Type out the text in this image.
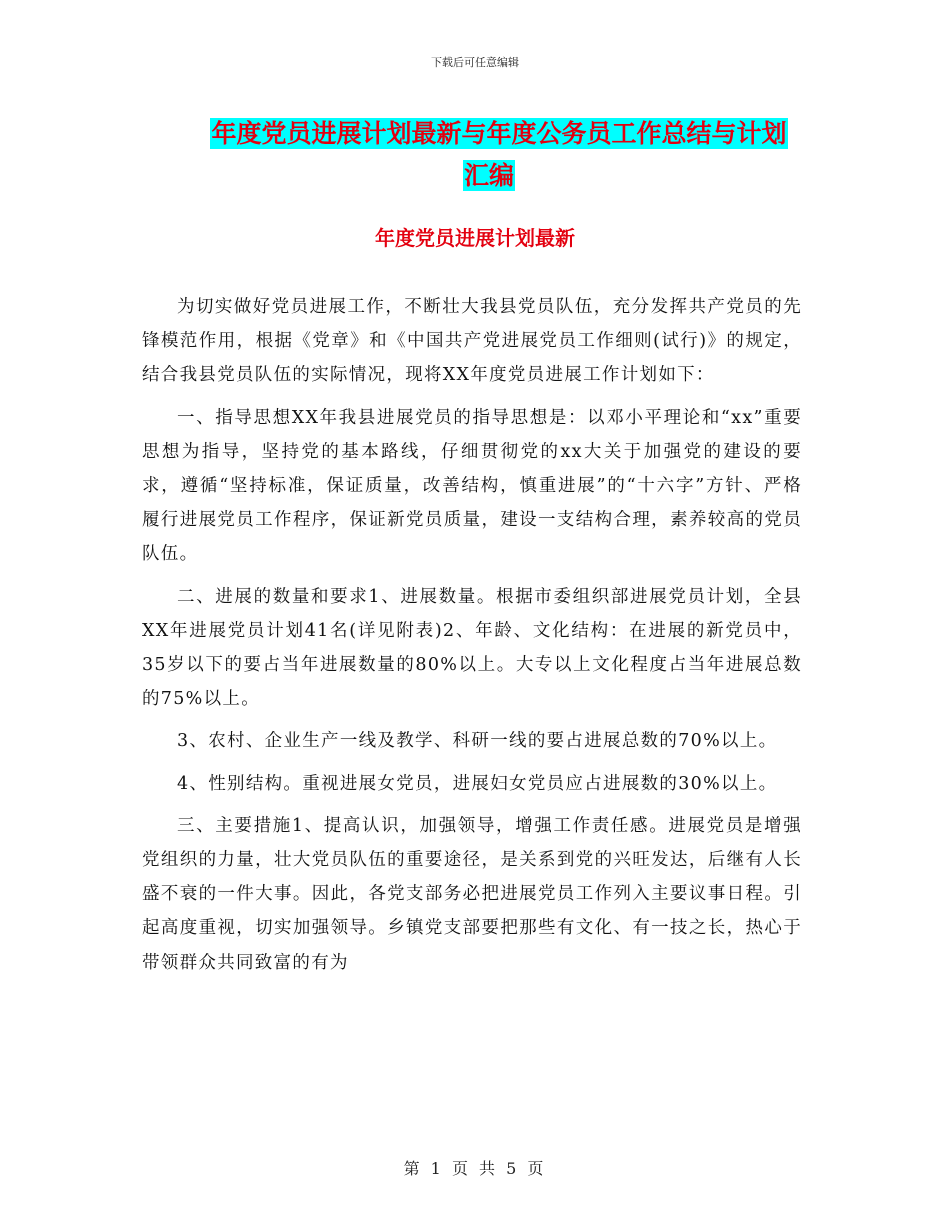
下载后可任意编辑
年度党员进展计划最新与年度公务员工作总结与计划
汇编
年度党员进展计划最新

为切实做好党员进展工作，不断壮大我县党员队伍，充分发挥共产党员的先锋模范作用，根据《党章》和《中国共产党进展党员工作细则(试行)》的规定，结合我县党员队伍的实际情况，现将XX年度党员进展工作计划如下：

一、指导思想XX年我县进展党员的指导思想是：以邓小平理论和“xx”重要思想为指导，坚持党的基本路线，仔细贯彻党的xx大关于加强党的建设的要求，遵循“坚持标准，保证质量，改善结构，慎重进展”的“十六字”方针、严格履行进展党员工作程序，保证新党员质量，建设一支结构合理，素养较高的党员队伍。

二、进展的数量和要求1、进展数量。根据市委组织部进展党员计划，全县XX年进展党员计划41名(详见附表)2、年龄、文化结构：在进展的新党员中，35岁以下的要占当年进展数量的80%以上。大专以上文化程度占当年进展总数的75%以上。

3、农村、企业生产一线及教学、科研一线的要占进展总数的70%以上。

4、性别结构。重视进展女党员，进展妇女党员应占进展数的30%以上。

三、主要措施1、提高认识，加强领导，增强工作责任感。进展党员是增强党组织的力量，壮大党员队伍的重要途径，是关系到党的兴旺发达，后继有人长盛不衰的一件大事。因此，各党支部务必把进展党员工作列入主要议事日程。引起高度重视，切实加强领导。乡镇党支部要把那些有文化、有一技之长，热心于带领群众共同致富的有为

第 1 页 共 5 页
